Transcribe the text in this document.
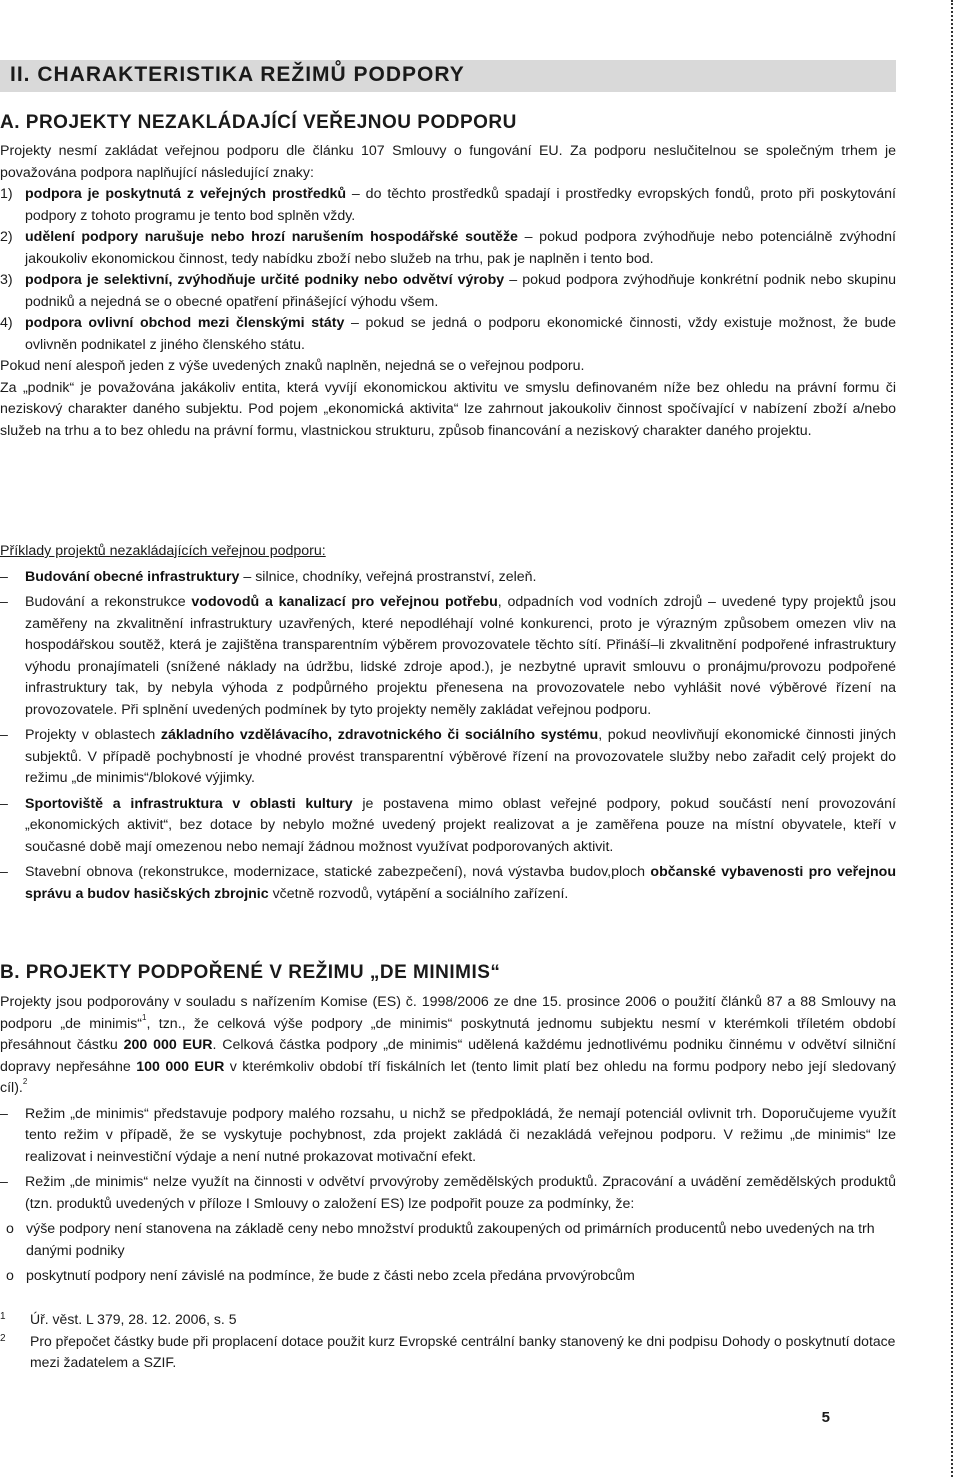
II. CHARAKTERISTIKA REŽIMŮ PODPORY
A. PROJEKTY NEZAKLÁDAJÍCÍ VEŘEJNOU PODPORU

Projekty nesmí zakládat veřejnou podporu dle článku 107 Smlouvy o fungování EU. Za podporu neslučitelnou se společným trhem je považována podpora naplňující následující znaky:

1) podpora je poskytnutá z veřejných prostředků – do těchto prostředků spadají i prostředky evropských fondů, proto při poskytování podpory z tohoto programu je tento bod splněn vždy.
2) udělení podpory narušuje nebo hrozí narušením hospodářské soutěže – pokud podpora zvýhodňuje nebo potenciálně zvýhodní jakoukoliv ekonomickou činnost, tedy nabídku zboží nebo služeb na trhu, pak je naplněn i tento bod.
3) podpora je selektivní, zvýhodňuje určité podniky nebo odvětví výroby – pokud podpora zvýhodňuje konkrétní podnik nebo skupinu podniků a nejedná se o obecné opatření přinášející výhodu všem.
4) podpora ovlivní obchod mezi členskými státy – pokud se jedná o podporu ekonomické činnosti, vždy existuje možnost, že bude ovlivněn podnikatel z jiného členského státu.

Pokud není alespoň jeden z výše uvedených znaků naplněn, nejedná se o veřejnou podporu.

Za „podnik“ je považována jakákoliv entita, která vyvíjí ekonomickou aktivitu ve smyslu definovaném níže bez ohledu na právní formu či neziskový charakter daného subjektu. Pod pojem „ekonomická aktivita“ lze zahrnout jakoukoliv činnost spočívající v nabízení zboží a/nebo služeb na trhu a to bez ohledu na právní formu, vlastnickou strukturu, způsob financování a neziskový charakter daného projektu.

Příklady projektů nezakládajících veřejnou podporu:

–	Budování obecné infrastruktury – silnice, chodníky, veřejná prostranství, zeleň.
–	Budování a rekonstrukce vodovodů a kanalizací pro veřejnou potřebu, odpadních vod vodních zdrojů – uvedené typy projektů jsou zaměřeny na zkvalitnění infrastruktury uzavřených, které nepodléhají volné konkurenci, proto je výrazným způsobem omezen vliv na hospodářskou soutěž, která je zajištěna transparentním výběrem provozovatele těchto sítí. Přináší–li zkvalitnění podpořené infrastruktury výhodu pronajímateli (snížené náklady na údržbu, lidské zdroje apod.), je nezbytné upravit smlouvu o pronájmu/provozu podpořené infrastruktury tak, by nebyla výhoda z podpůrného projektu přenesena na provozovatele nebo vyhlášit nové výběrové řízení na provozovatele. Při splnění uvedených podmínek by tyto projekty neměly zakládat veřejnou podporu.
–	Projekty v oblastech základního vzdělávacího, zdravotnického či sociálního systému, pokud neovlivňují ekonomické činnosti jiných subjektů. V případě pochybností je vhodné provést transparentní výběrové řízení na provozovatele služby nebo zařadit celý projekt do režimu „de minimis“/blokové výjimky.
–	Sportoviště a infrastruktura v oblasti kultury je postavena mimo oblast veřejné podpory, pokud součástí není provozování „ekonomických aktivit“, bez dotace by nebylo možné uvedený projekt realizovat a je zaměřena pouze na místní obyvatele, kteří v současné době mají omezenou nebo nemají žádnou možnost využívat podporovaných aktivit.
–	Stavební obnova (rekonstrukce, modernizace, statické zabezpečení), nová výstavba budov,ploch občanské vybavenosti pro veřejnou správu a budov hasičských zbrojnic včetně rozvodů, vytápění a sociálního zařízení.
B. PROJEKTY PODPOŘENÉ V REŽIMU „DE MINIMIS“

Projekty jsou podporovány v souladu s nařízením Komise (ES) č. 1998/2006 ze dne 15. prosince 2006 o použití článků 87 a 88 Smlouvy na podporu „de minimis“$^1$, tzn., že celková výše podpory „de minimis“ poskytnutá jednomu subjektu nesmí v kterémkoli tříletém období přesáhnout částku 200 000 EUR. Celková částka podpory „de minimis“ udělená každému jednotlivému podniku činnému v odvětví silniční dopravy nepřesáhne 100 000 EUR v kterémkoliv období tří fiskálních let (tento limit platí bez ohledu na formu podpory nebo její sledovaný cíl).$^2$

–	Režim „de minimis“ představuje podpory malého rozsahu, u nichž se předpokládá, že nemají potenciál ovlivnit trh. Doporučujeme využít tento režim v případě, že se vyskytuje pochybnost, zda projekt zakládá či nezakládá veřejnou podporu. V režimu „de minimis“ lze realizovat i neinvestiční výdaje a není nutné prokazovat motivační efekt.
–	Režim „de minimis“ nelze využít na činnosti v odvětví prvovýroby zemědělských produktů. Zpracování a uvádění zemědělských produktů (tzn. produktů uvedených v příloze I Smlouvy o založení ES) lze podpořit pouze za podmínky, že:
o výše podpory není stanovena na základě ceny nebo množství produktů zakoupených od primárních producentů nebo uvedených na trh danými podniky
o poskytnutí podpory není závislé na podmínce, že bude z části nebo zcela předána prvovýrobcům
1	Úř. věst. L 379, 28. 12. 2006, s. 5
2	Pro přepočet částky bude při proplacení dotace použit kurz Evropské centrální banky stanovený ke dni podpisu Dohody o poskytnutí dotace mezi žadatelem a SZIF.
5
